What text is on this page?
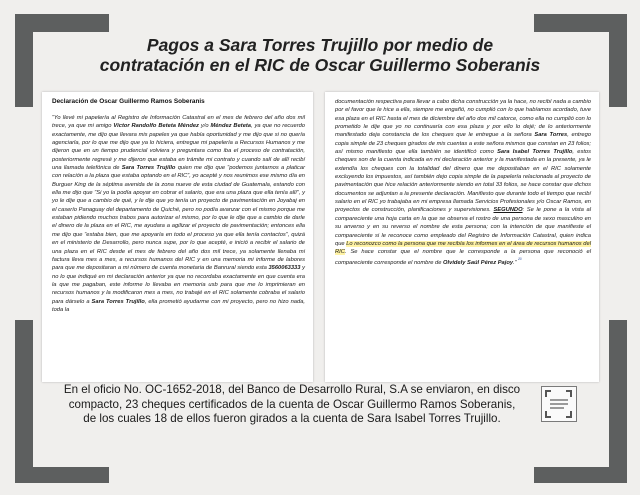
Pagos a Sara Torres Trujillo por medio de
contratación en el RIC de Oscar Guillermo Soberanis
Declaración de Oscar Guillermo Ramos Soberanis

“Yo llevé mi papelería al Registro de Información Catastral en el mes de febrero del año dos mil trece, ya que mi amigo Víctor Randolfo Beteta Méndez y/o Méndez Beteta, ya que no recuerdo exactamente, me dijo que llevara mis papeles ya que había oportunidad y me dijo que si no quería agenciarla, por lo que me dijo que ya lo hiciera, entregue mi papelería a Recursos Humanos y me dijeron que en un tiempo prudencial volviera y preguntara como iba el proceso de contratación, posteriormente regresé y me dijeron que estaba en trámite mi contrato y cuando salí de allí recibí una llamada telefónica de Sara Torres Trujillo quien me dijo que “podemos juntarnos a platicar con relación a la plaza que estaba optando en el RIC”, yo acepté y nos reunimos ese mismo día en Burguer King de la séptima avenida de la zona nueve de esta ciudad de Guatemala, estando con ella me dijo que “Si yo la podía apoyar en cobrar el salario, que era una plaza que ella tenía allí”, y yo le dije que a cambio de qué, y le dije que yo tenía un proyecto de pavimentación en Joyabaj en el caserío Panaguay del departamento de Quiché, pero no podía avanzar con el mismo porque me estaban pidiendo muchos trabos para autorizar el mismo, por lo que le dije que a cambio de darle el dinero de la plaza en el RIC, me ayudara a agilizar el proyecto de pavimentación; entonces ella me dijo que “estaba bien, que me apoyaría en todo el proceso ya que ella tenía contactos”, quizá en el ministerio de Desarrollo, pero nunca supe, por lo que acepté, e inició a recibir el salario de una plaza en el RIC desde el mes de febrero del año dos mil trece, ya solamente llenaba mi factura lleva mes a mes, a recursos humanos del RIC y en una memoria mi informe de labores para que me depositaran a mi número de cuenta monetaria de Banrural siendo esta 3560063333 y no lo que indiqué en mi declaración anterior ya que no recordaba exactamente en que cuenta era la que me pagaban, este informe lo llevaba en memoria usb para que me lo imprimieran en recursos humanos y la modificaron mes a mes, no trabajé en el RIC solamente cobraba el salario para dárselo a Sara Torres Trujillo, ella prometió ayudarme con mi proyecto, pero no hizo nada, toda la

documentación respectiva para llevar a cabo dicha construcción ya la hace, no recibí nada a cambio por el favor que le hice a ella, siempre me engañó, no cumplió con lo que habíamos acordado, tuve esa plaza en el RIC hasta el mes de diciembre del año dos mil catorce, como ella no cumplió con lo prometido le dije que yo no continuaría con esa plaza y por ello lo dejé; de lo anteriormente manifestado deja constancia de los cheques que le entregue a la señora Sara Torres, entrego copia simple de 23 cheques girados de mis cuentas a este señora mismos que constan en 23 folios; así mismo manifiesto que ella también se identificó como Sara Isabel Torres Trujillo, estos cheques son de la cuenta indicada en mi declaración anterior y la manifestada en la presente, ya le extendía los cheques con la totalidad del dinero que me depositaban en el RIC solamente excluyendo los impuestos, así también dejo copia simple de la papelería relacionada al proyecto de pavimentación que hice relación anteriormente siendo en total 33 folios, se hace constar que dichos documentos se adjuntan a la presente declaración. Manifiesto que durante todo el tiempo que recibí salario en el RIC yo trabajaba en mi empresa llamada Servicios Profesionales y/o Oscar Ramos, en proyectos de construcción, planificaciones y supervisiones. SEGUNDO: Se le pone a la vista al compareciente una hoja carta en la que se observa el rostro de una persona de sexo masculino en su anverso y en su reverso el nombre de esta persona; con la intención de que manifieste el compareciente si le reconoce como empleado del Registro de Información Catastral, quien indica que Lo reconozco como la persona que me recibía los informes en el área de recursos humanos del RIC. Se hace constar que el nombre que le corresponde a la persona que reconoció el compareciente corresponde el nombre de Olvidely Saúl Pérez Pajoy.” $^{^{23}}$

En el oficio No. OC-1652-2018, del Banco de Desarrollo Rural, S.A se enviaron, en disco
compacto, 23 cheques certificados de la cuenta de Oscar Guillermo Ramos Soberanis,
de los cuales 18 de ellos fueron girados a la cuenta de Sara Isabel Torres Trujillo.
